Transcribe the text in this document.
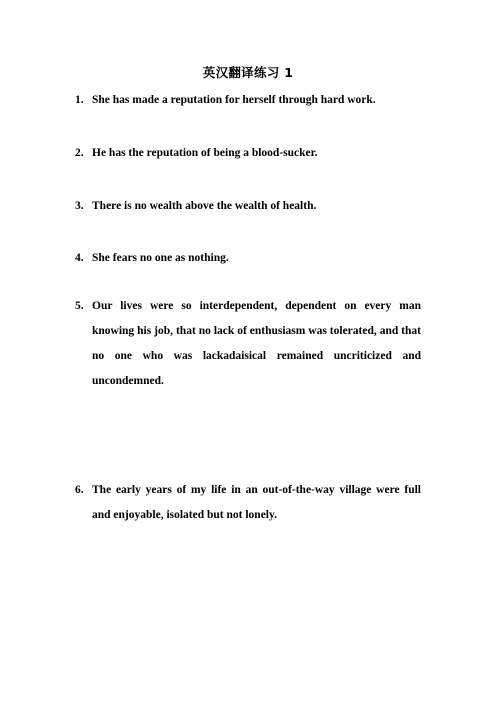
英汉翻译练习 1
1. She has made a reputation for herself through hard work.
2. He has the reputation of being a blood-sucker.
3. There is no wealth above the wealth of health.
4. She fears no one as nothing.
5. Our lives were so interdependent, dependent on every man knowing his job, that no lack of enthusiasm was tolerated, and that no one who was lackadaisical remained uncriticized and uncondemned.
6. The early years of my life in an out-of-the-way village were full and enjoyable, isolated but not lonely.
